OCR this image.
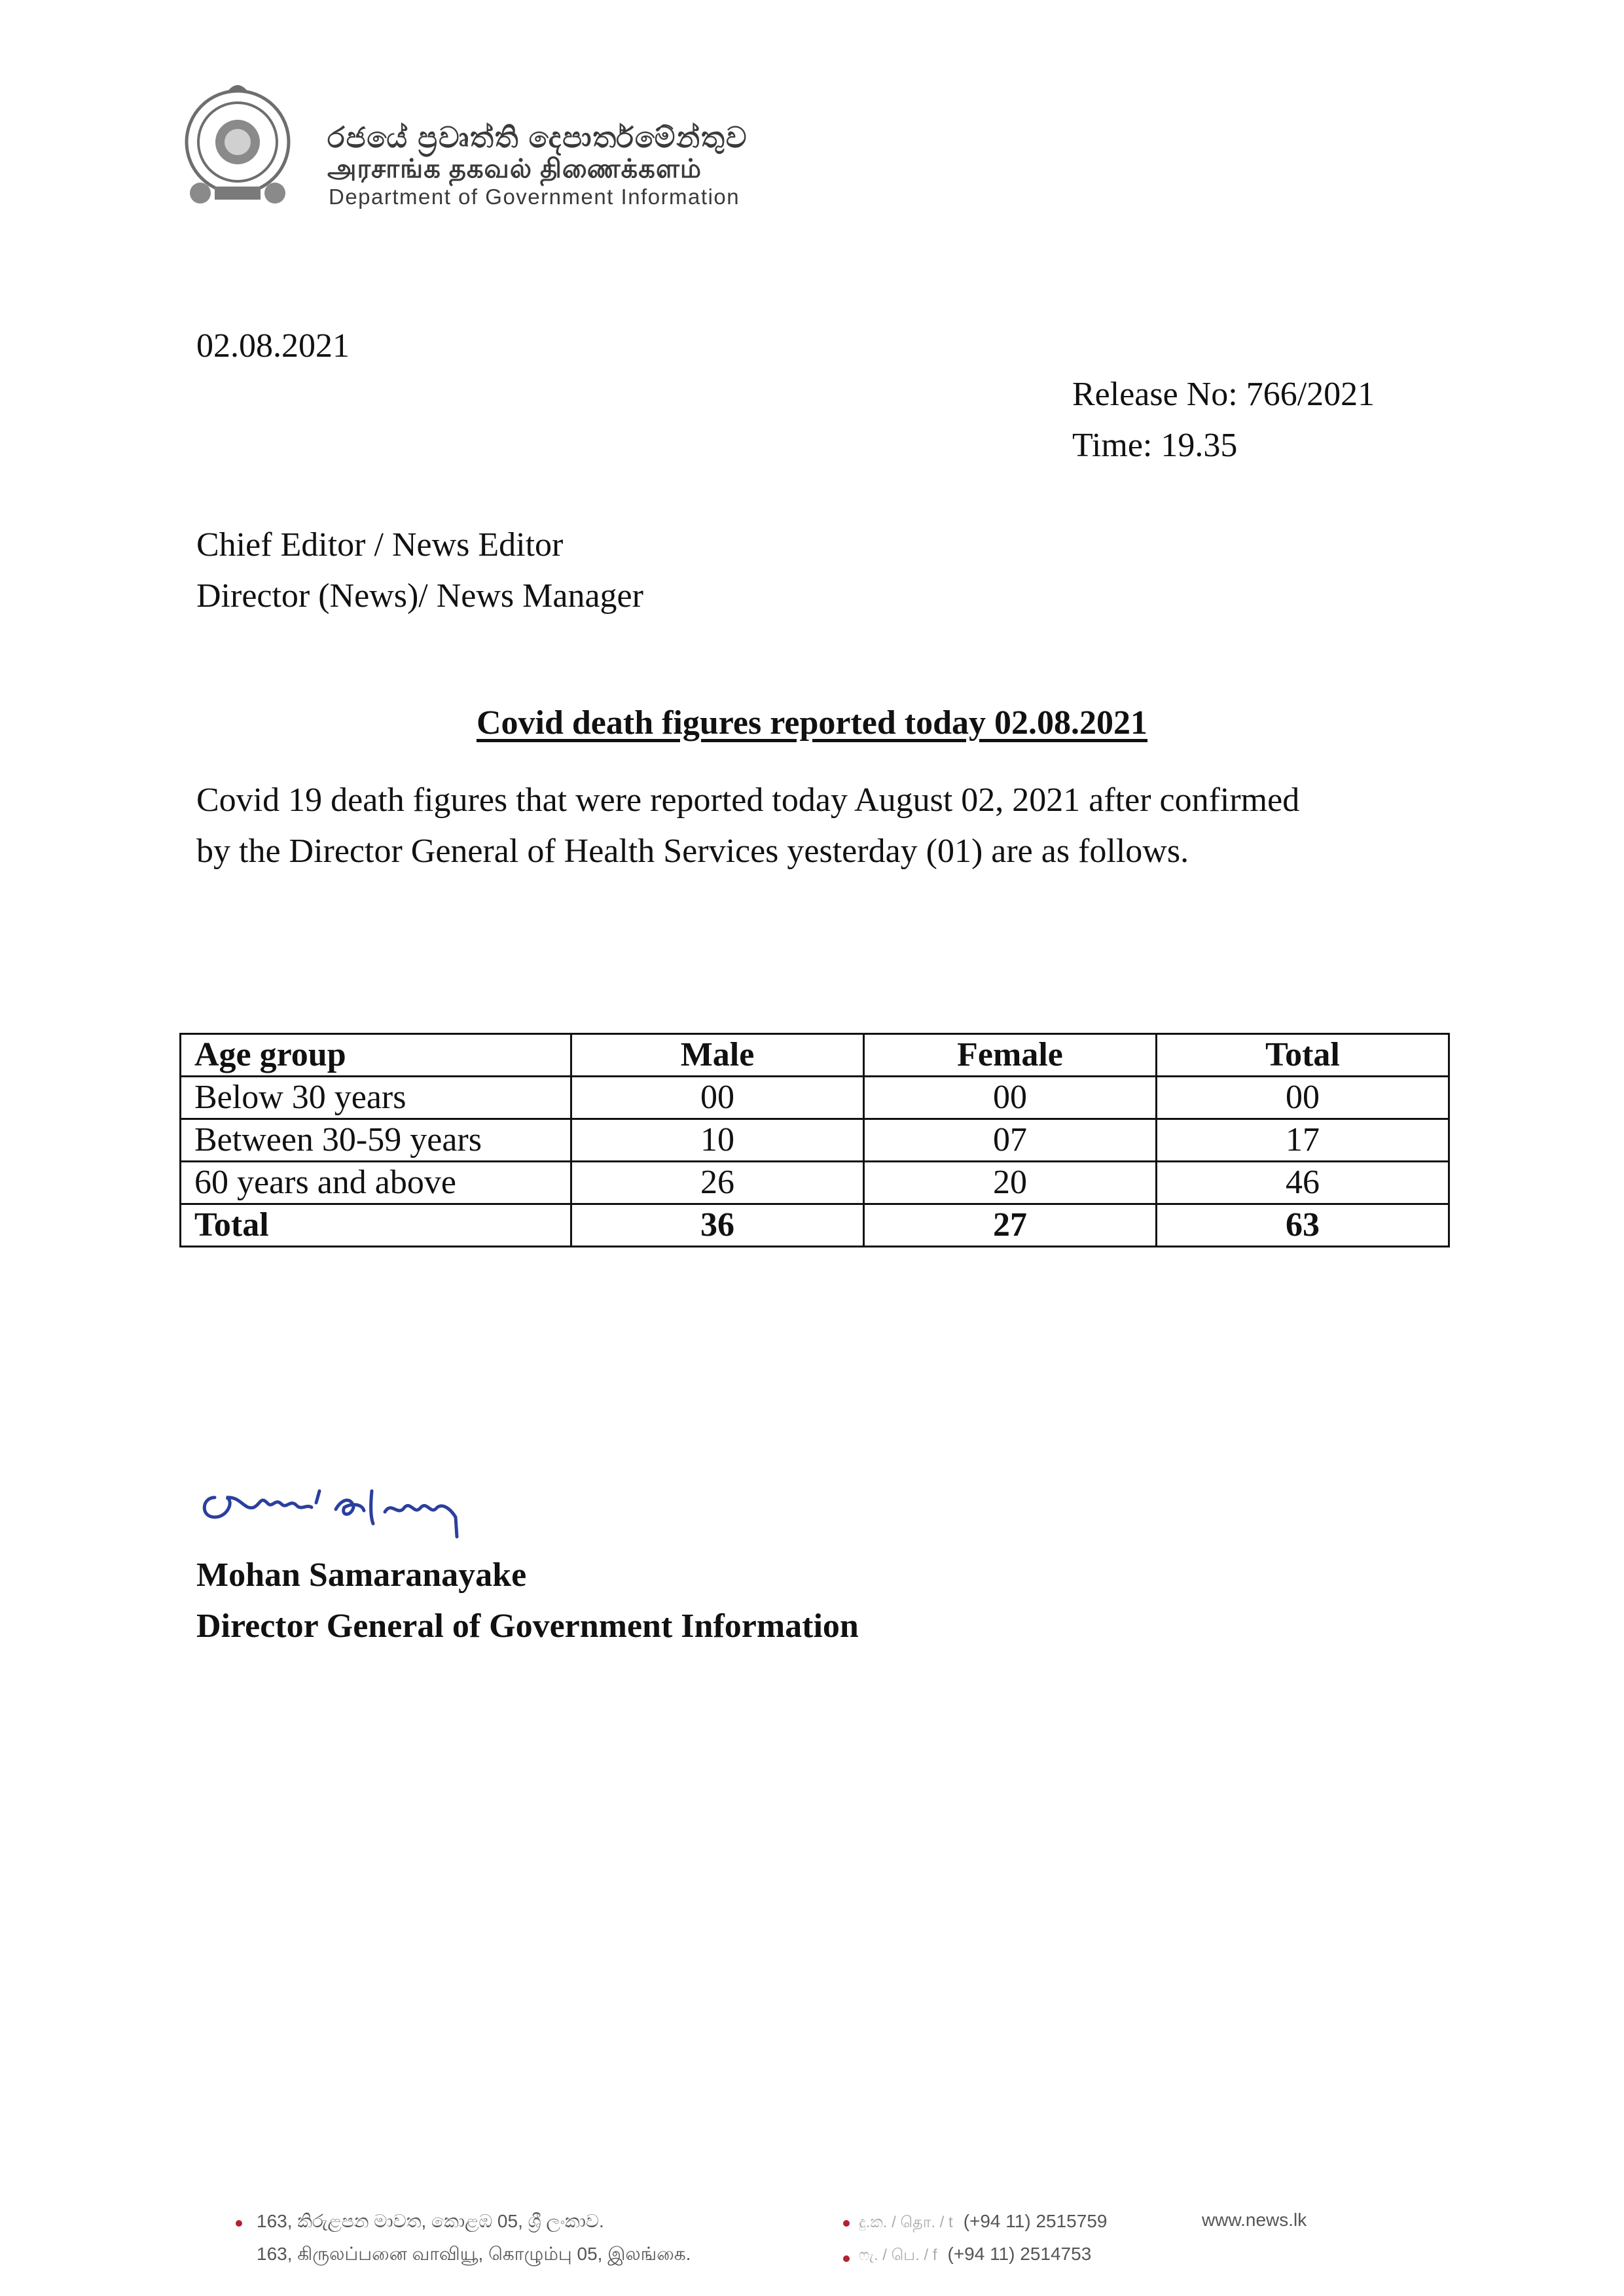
රජයේ ප්‍රවෘත්ති දෙපාර්තමේන්තුව
அரசாங்க தகவல் திணைக்களம்
Department of Government Information
02.08.2021
Release No: 766/2021
Time: 19.35
Chief Editor / News Editor
Director (News)/ News Manager
Covid death figures reported today 02.08.2021
Covid 19 death figures that were reported today August 02, 2021 after confirmed
by the Director General of Health Services yesterday (01) are as follows.
Age group	Male	Female	Total
Below 30 years	00	00	00
Between 30-59 years	10	07	17
60 years and above	26	20	46
Total	36	27	63
Mohan Samaranayake
Director General of Government Information
163, කිරුළපන මාවත, කොළඹ 05, ශ්‍රී ලංකාව.
163, கிருலப்பனை வாவியூ, கொழும்பு 05, இலங்கை.
දු.ක. / தொ. / t (+94 11) 2515759
ෆැ. / பெ. / f (+94 11) 2514753
www.news.lk
